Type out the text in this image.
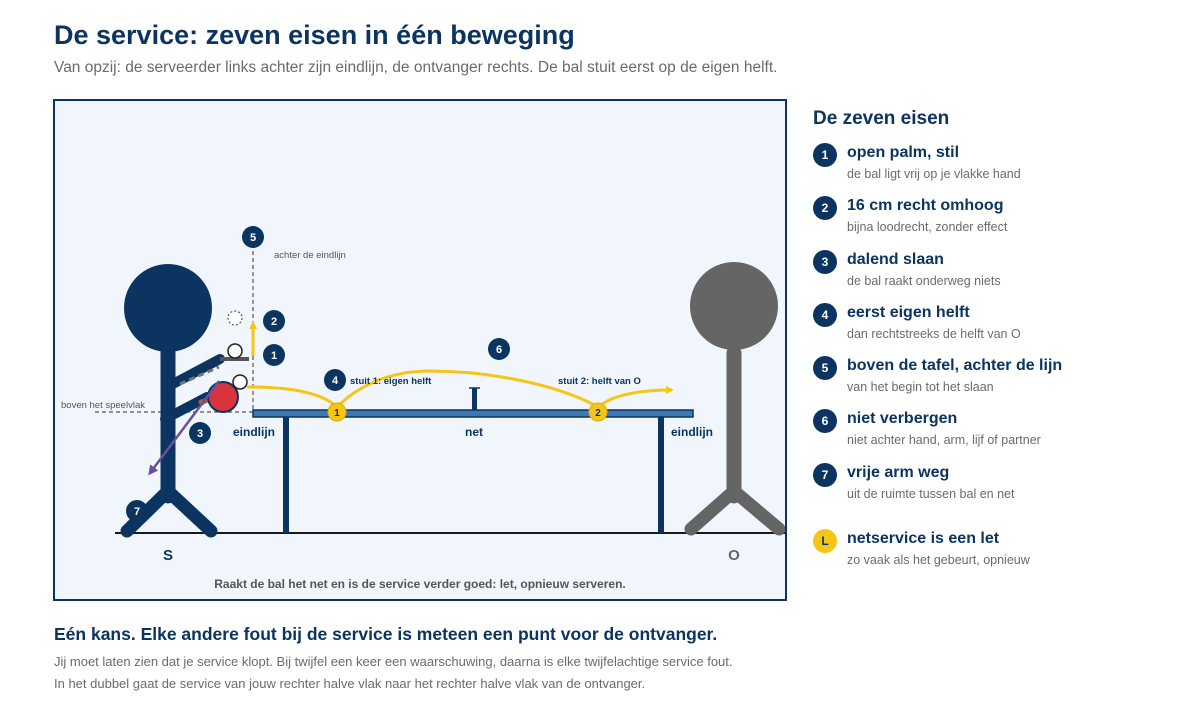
De service: zeven eisen in één beweging
Van opzij: de serveerder links achter zijn eindlijn, de ontvanger rechts. De bal stuit eerst op de eigen helft.
1	2
5
2
1
4
6
3
7
achter de eindlijn
boven het speelvlak
stuit 1: eigen helft	stuit 2: helft van O
eindlijn	net	eindlijn
S	O
Raakt de bal het net en is de service verder goed: let, opnieuw serveren.
De zeven eisen
1	open palm, stil
de bal ligt vrij op je vlakke hand
2	16 cm recht omhoog
bijna loodrecht, zonder effect
3	dalend slaan
de bal raakt onderweg niets
4	eerst eigen helft
dan rechtstreeks de helft van O
5	boven de tafel, achter de lijn
van het begin tot het slaan
6	niet verbergen
niet achter hand, arm, lijf of partner
7	vrije arm weg
uit de ruimte tussen bal en net
L	netservice is een let
zo vaak als het gebeurt, opnieuw
Eén kans. Elke andere fout bij de service is meteen een punt voor de ontvanger.
Jij moet laten zien dat je service klopt. Bij twijfel een keer een waarschuwing, daarna is elke twijfelachtige service fout.
In het dubbel gaat de service van jouw rechter halve vlak naar het rechter halve vlak van de ontvanger.
